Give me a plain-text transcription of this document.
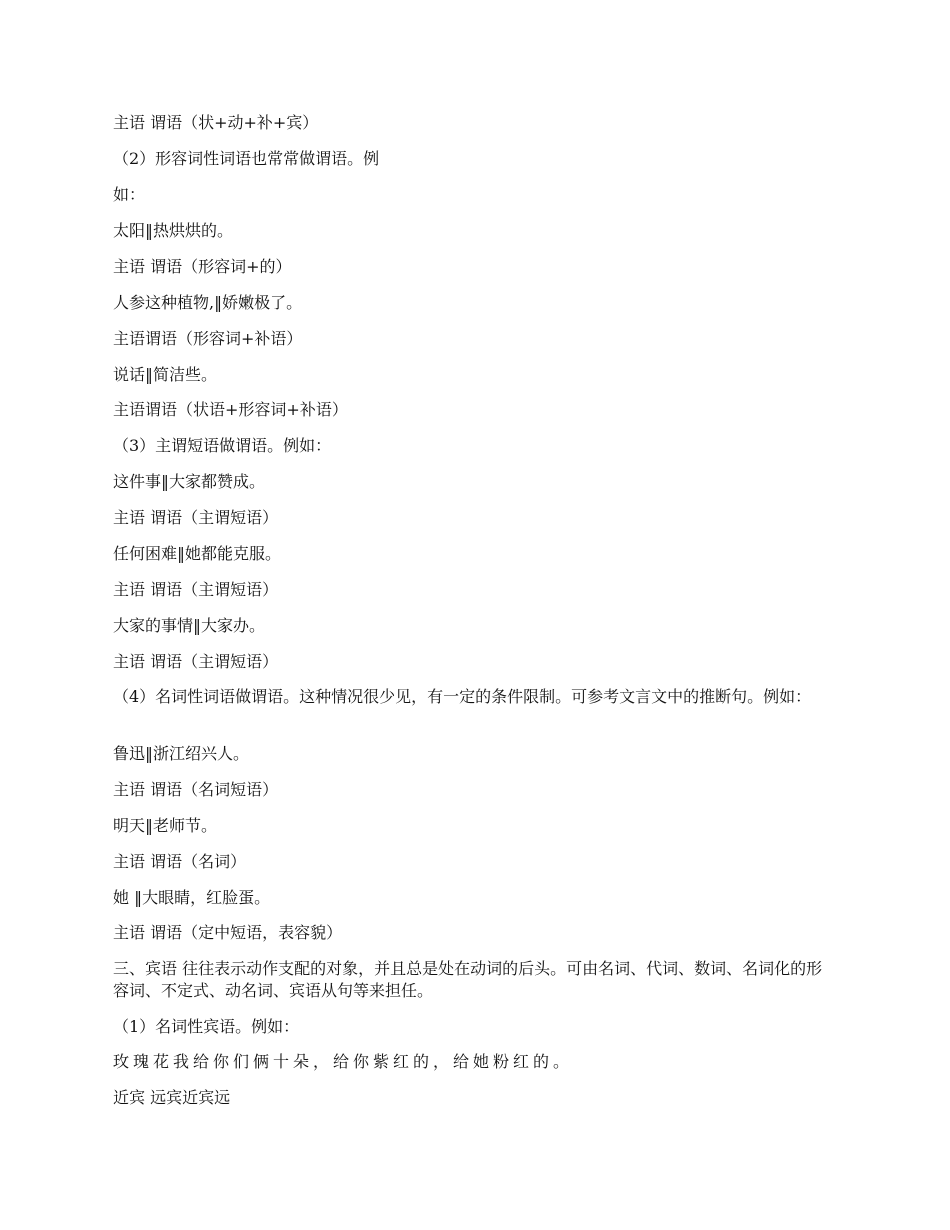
主语 谓语（状+动+补+宾）
（2）形容词性词语也常常做谓语。例
如：
太阳‖热烘烘的。
主语 谓语（形容词+的）
人参这种植物,‖娇嫩极了。
主语谓语（形容词+补语）
说话‖简洁些。
主语谓语（状语+形容词+补语）
（3）主谓短语做谓语。例如：
这件事‖大家都赞成。
主语 谓语（主谓短语）
任何困难‖她都能克服。
主语 谓语（主谓短语）
大家的事情‖大家办。
主语 谓语（主谓短语）
（4）名词性词语做谓语。这种情况很少见，有一定的条件限制。可参考文言文中的推断句。例如：
鲁迅‖浙江绍兴人。
主语 谓语（名词短语）
明天‖老师节。
主语 谓语（名词）
她 ‖大眼睛，红脸蛋。
主语 谓语（定中短语，表容貌）
三、宾语 往往表示动作支配的对象，并且总是处在动词的后头。可由名词、代词、数词、名词化的形容词、不定式、动名词、宾语从句等来担任。
（1）名词性宾语。例如：
玫瑰花我给你们俩十朵，给你紫红的，给她粉红的。
近宾 远宾近宾远
